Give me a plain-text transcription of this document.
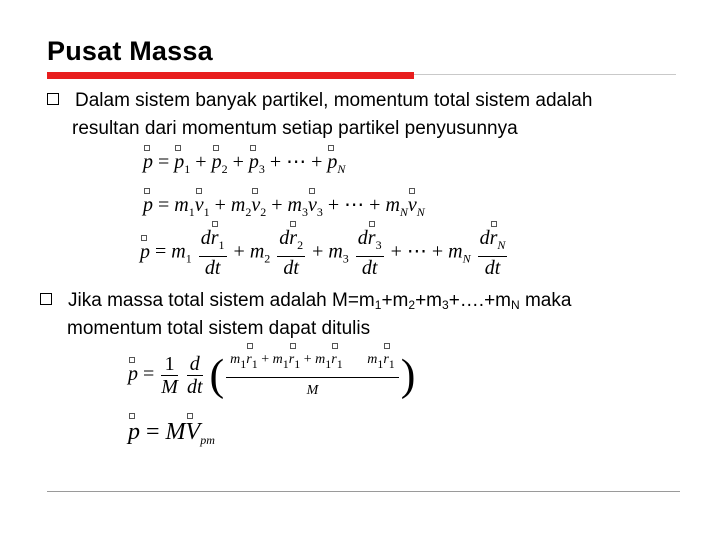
Pusat Massa
Dalam sistem banyak partikel, momentum total sistem adalah
resultan dari momentum setiap partikel penyusunnya
$p = p_1 + p_2 + p_3$ + ⋯ + $p_N$
$p = m_1v_1 + m_2v_2 + m_3v_3$ + ⋯ + $m_Nv_N$
$p = m_1 \frac{dr_1}{dt} + m_2 \frac{dr_2}{dt} + m_3 \frac{dr_3}{dt}$ + ⋯ + $m_N \frac{dr_N}{dt}$
Jika massa total sistem adalah $M=m_1+m_2+m_3+\dots.+m_N$ maka
momentum total sistem dapat ditulis
$p = \frac{1}{M}$
$\frac{d}{dt}$ ( $\frac{m1r1 + m1r1 + m1r1 m1r1}{M}$ )
$p = MV_{pm}$
